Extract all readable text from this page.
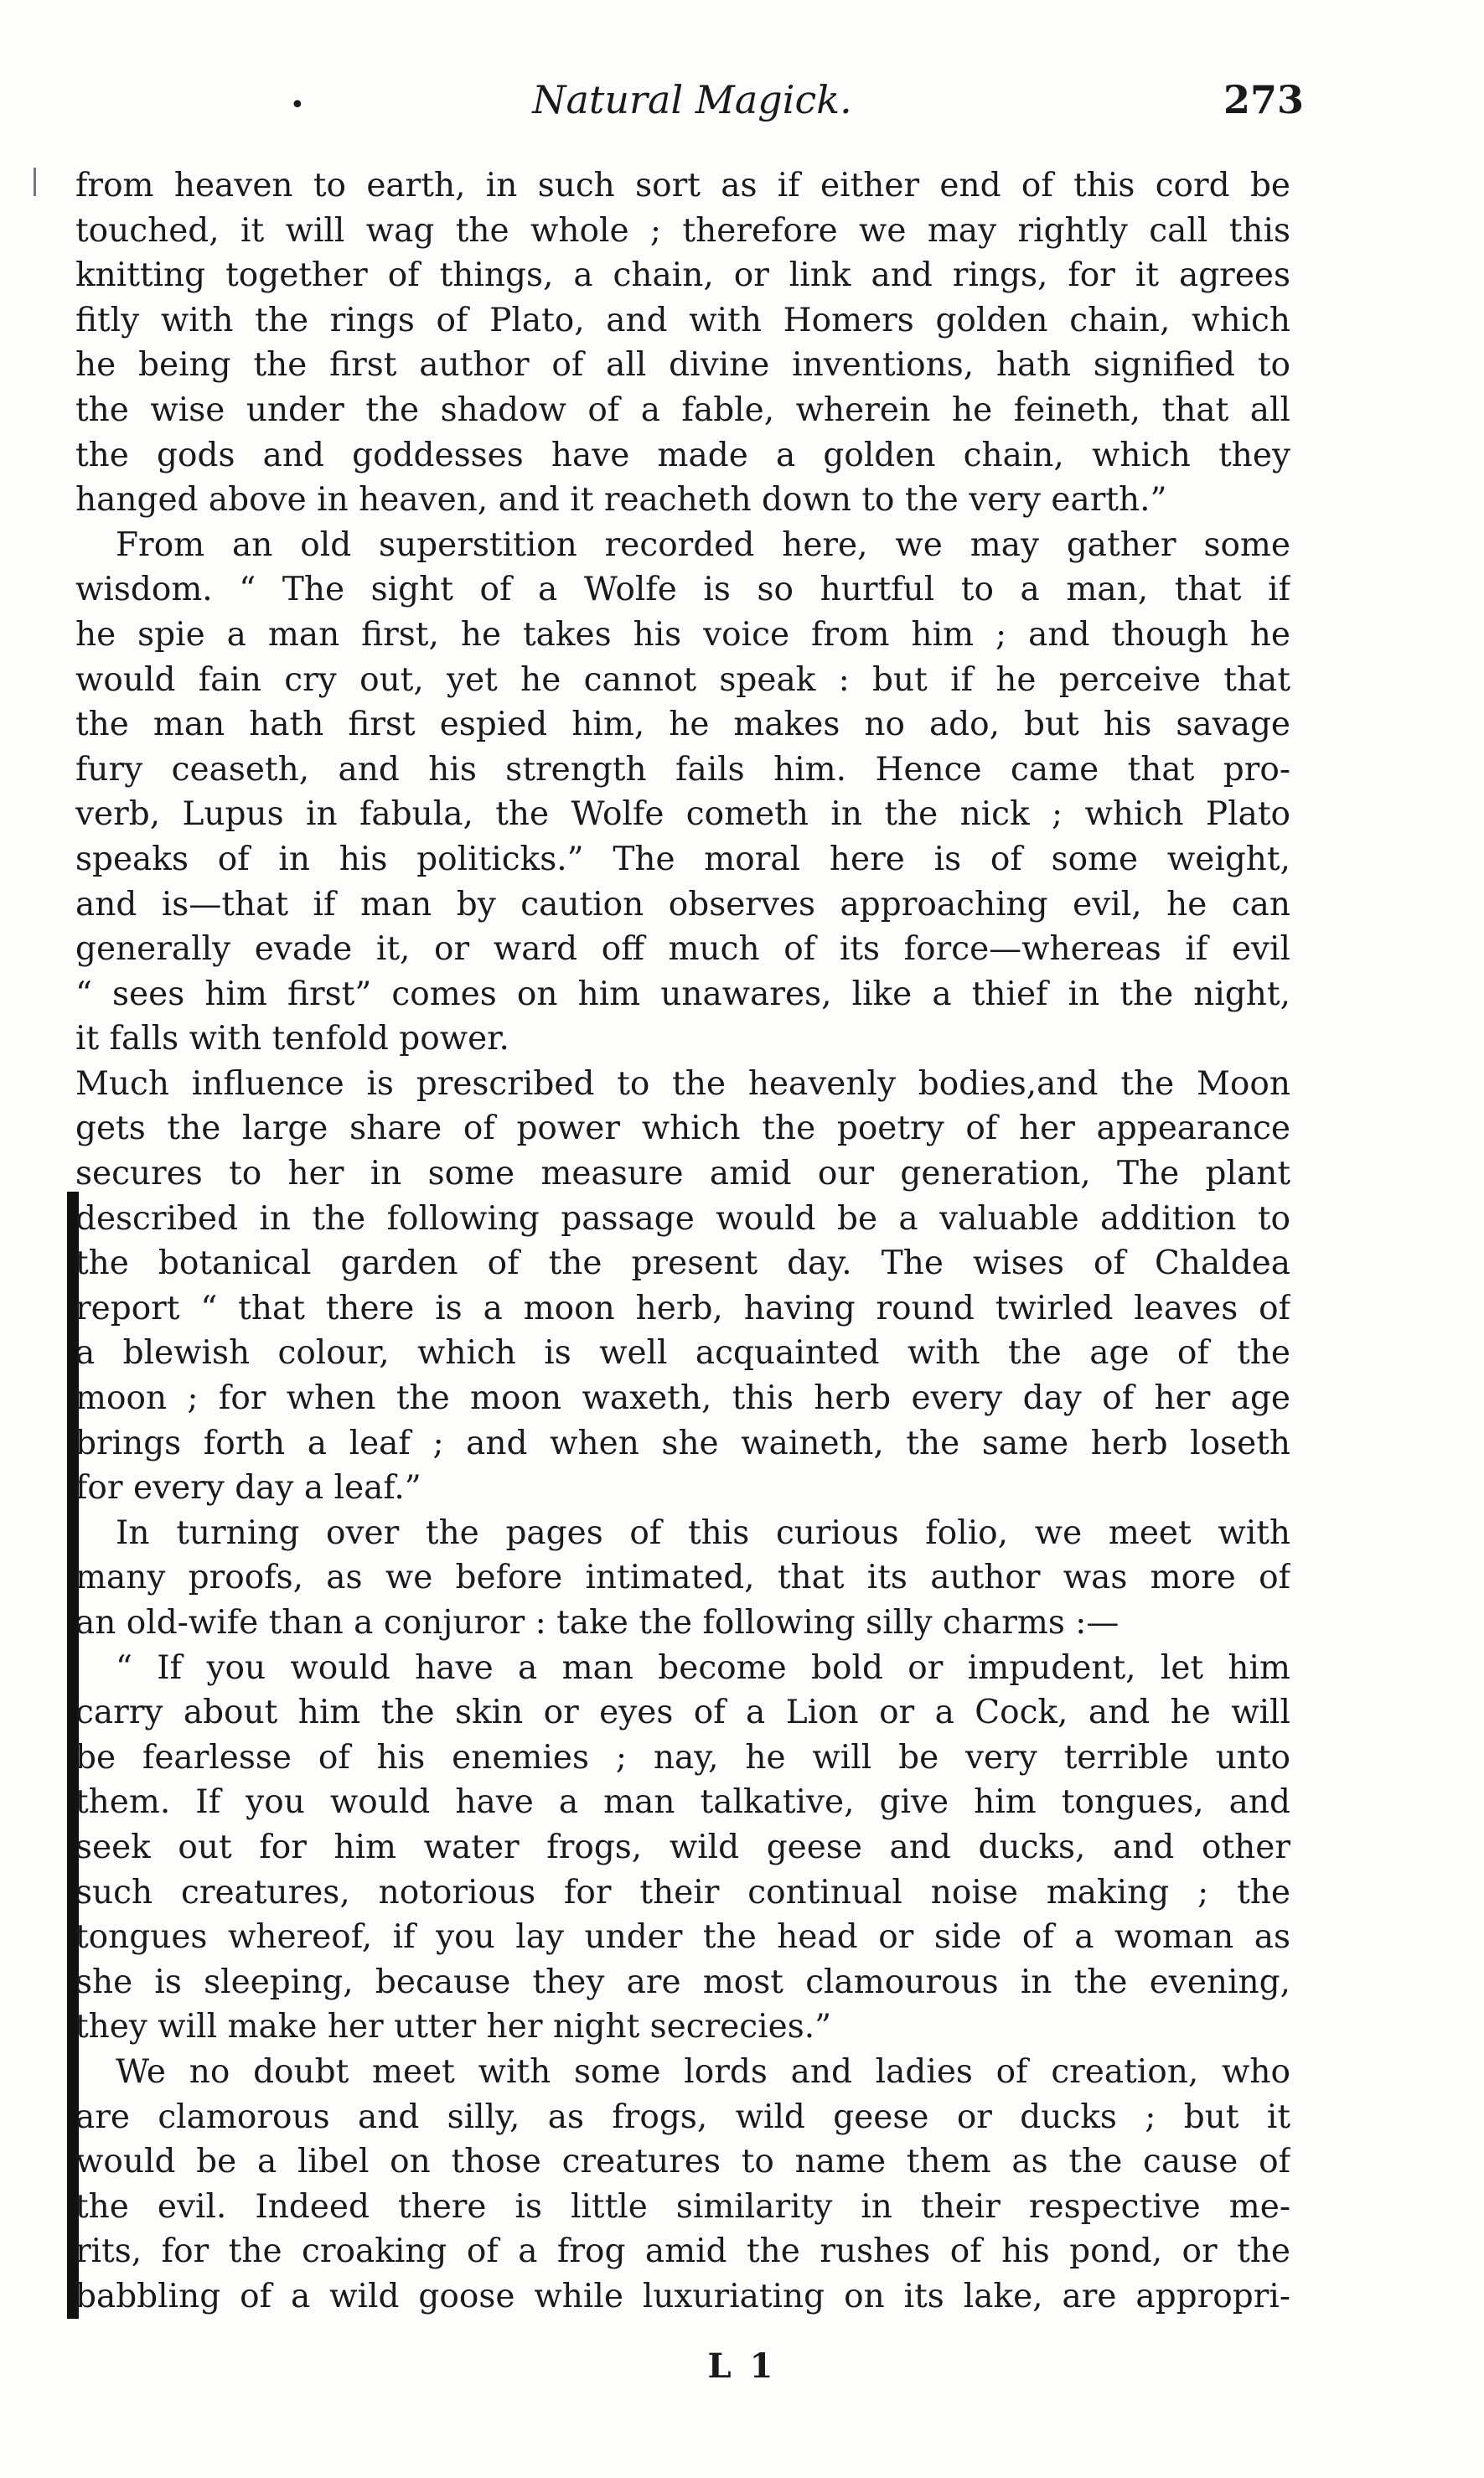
•	Natural Magick.	273
from heaven to earth, in such sort as if either end of this cord be
touched, it will wag the whole ; therefore we may rightly call this
knitting together of things, a chain, or link and rings, for it agrees
fitly with the rings of Plato, and with Homers golden chain, which
he being the first author of all divine inventions, hath signified to
the wise under the shadow of a fable, wherein he feineth, that all
the gods and goddesses have made a golden chain, which they
hanged above in heaven, and it reacheth down to the very earth.”
From an old superstition recorded here, we may gather some
wisdom. “ The sight of a Wolfe is so hurtful to a man, that if
he spie a man first, he takes his voice from him ; and though he
would fain cry out, yet he cannot speak : but if he perceive that
the man hath first espied him, he makes no ado, but his savage
fury ceaseth, and his strength fails him. Hence came that pro-
verb, Lupus in fabula, the Wolfe cometh in the nick ; which Plato
speaks of in his politicks.” The moral here is of some weight,
and is—that if man by caution observes approaching evil, he can
generally evade it, or ward off much of its force—whereas if evil
“ sees him first” comes on him unawares, like a thief in the night,
it falls with tenfold power.
Much influence is prescribed to the heavenly bodies,and the Moon
gets the large share of power which the poetry of her appearance
secures to her in some measure amid our generation, The plant
described in the following passage would be a valuable addition to
the botanical garden of the present day. The wises of Chaldea
report “ that there is a moon herb, having round twirled leaves of
a blewish colour, which is well acquainted with the age of the
moon ; for when the moon waxeth, this herb every day of her age
brings forth a leaf ; and when she waineth, the same herb loseth
for every day a leaf.”
In turning over the pages of this curious folio, we meet with
many proofs, as we before intimated, that its author was more of
an old-wife than a conjuror : take the following silly charms :—
“ If you would have a man become bold or impudent, let him
carry about him the skin or eyes of a Lion or a Cock, and he will
be fearlesse of his enemies ; nay, he will be very terrible unto
them. If you would have a man talkative, give him tongues, and
seek out for him water frogs, wild geese and ducks, and other
such creatures, notorious for their continual noise making ; the
tongues whereof, if you lay under the head or side of a woman as
she is sleeping, because they are most clamourous in the evening,
they will make her utter her night secrecies.”
We no doubt meet with some lords and ladies of creation, who
are clamorous and silly, as frogs, wild geese or ducks ; but it
would be a libel on those creatures to name them as the cause of
the evil. Indeed there is little similarity in their respective me-
rits, for the croaking of a frog amid the rushes of his pond, or the
babbling of a wild goose while luxuriating on its lake, are appropri-
L 1
